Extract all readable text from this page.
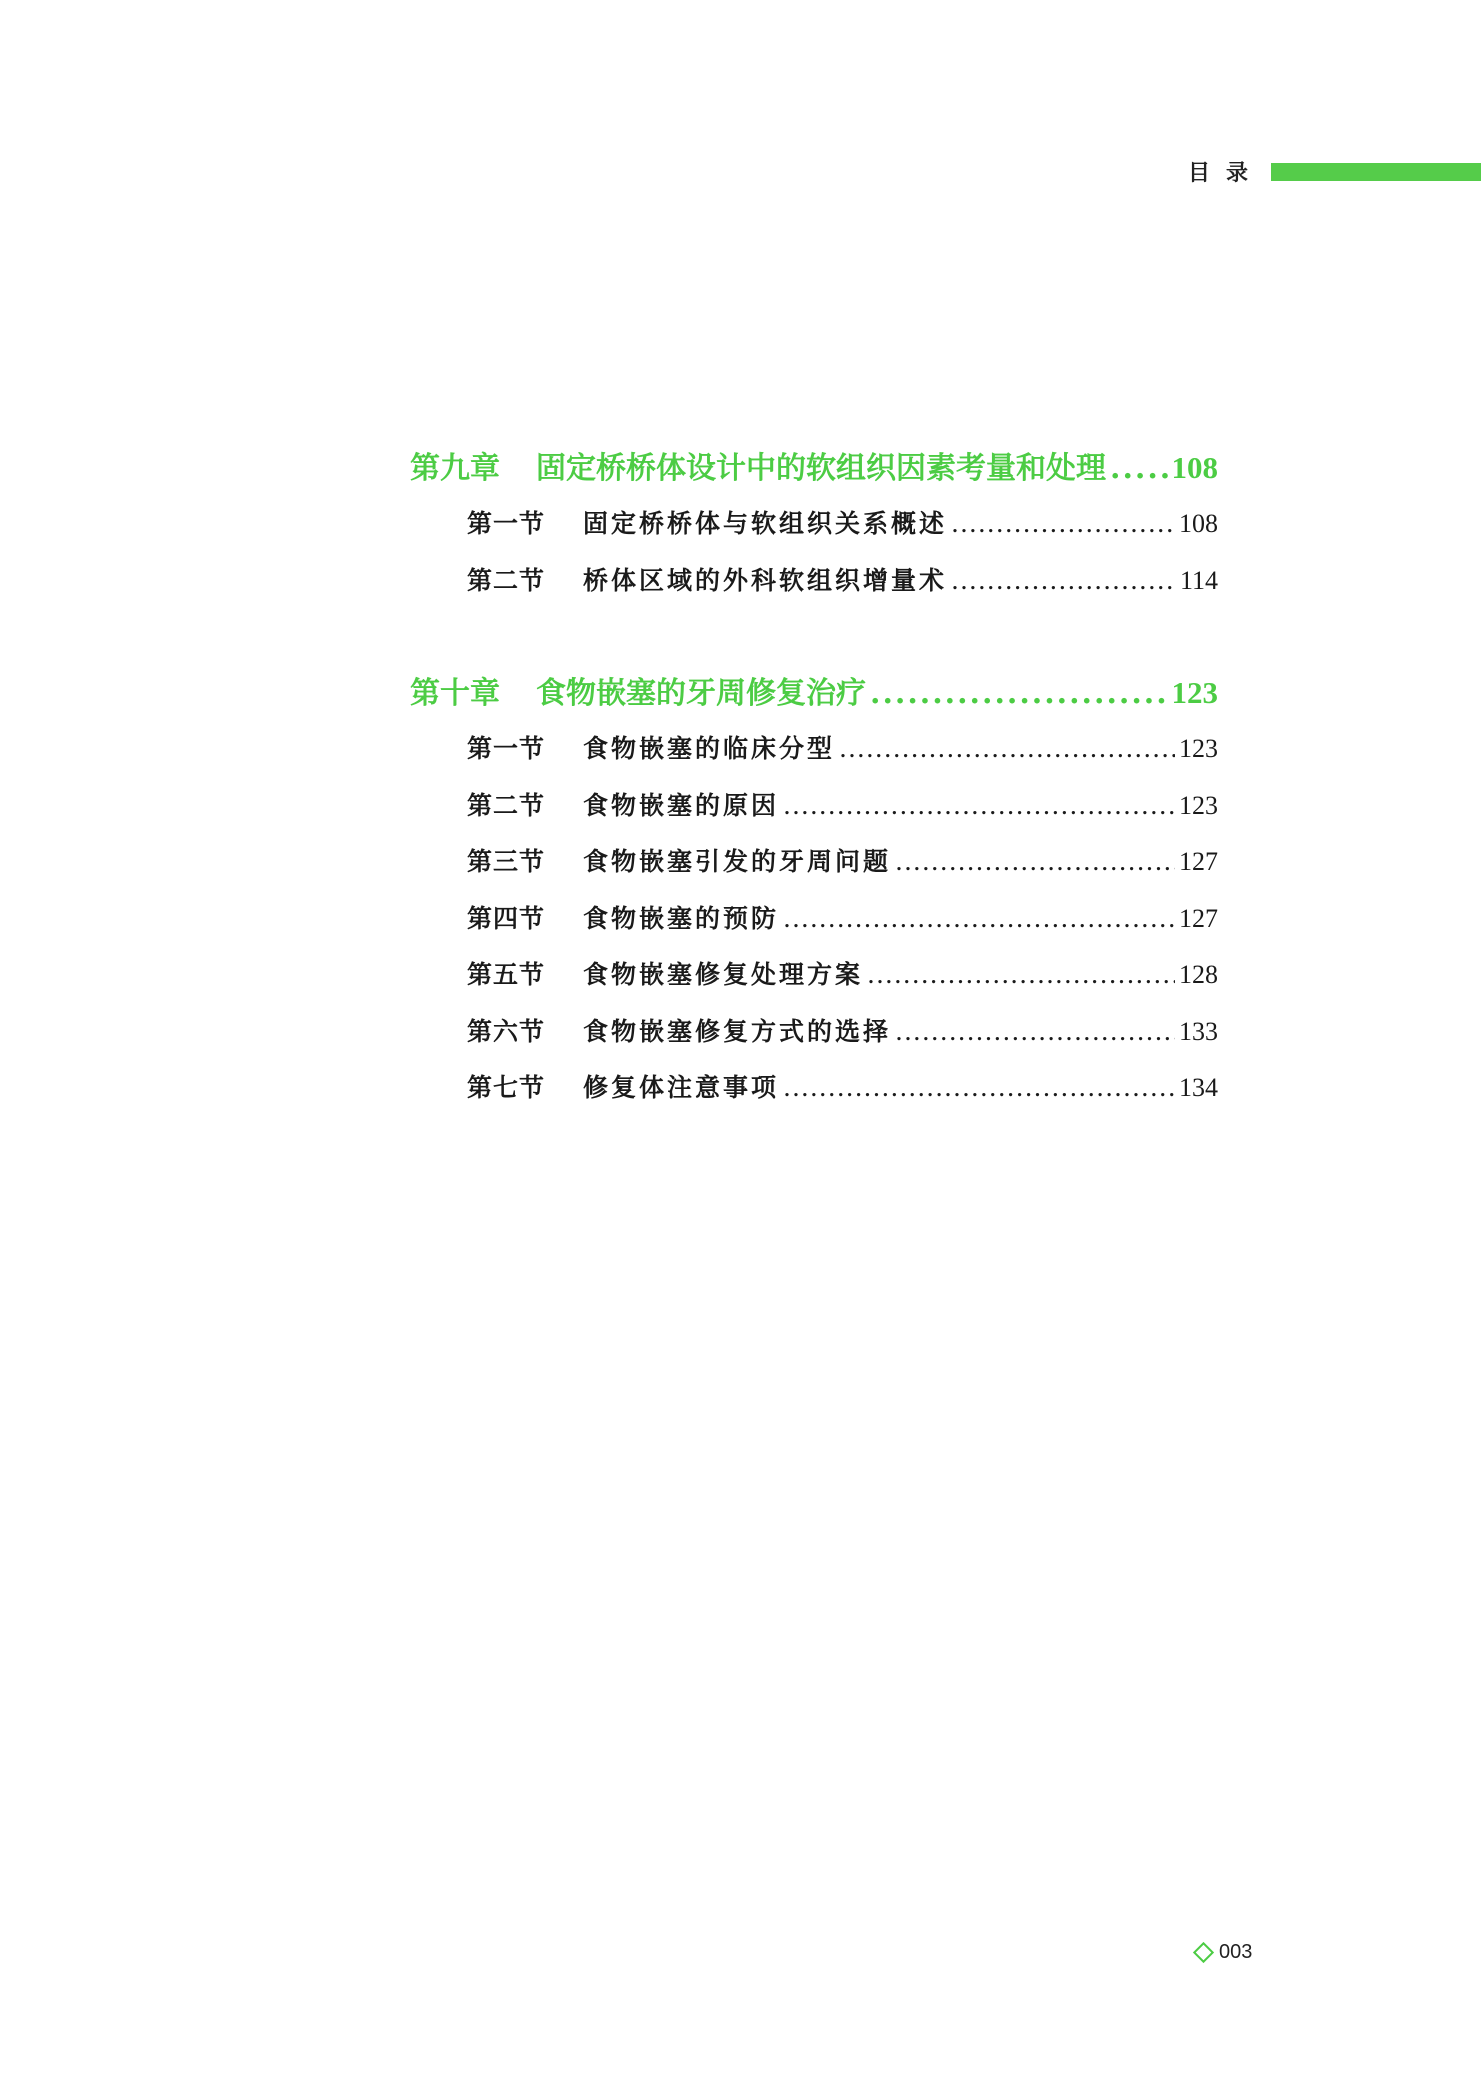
目录
第九章	固定桥桥体设计中的软组织因素考量和处理 ..... 108
第一节	固定桥桥体与软组织关系概述 .....	108
第二节	桥体区域的外科软组织增量术 .....	114
第十章	食物嵌塞的牙周修复治疗 .....	123
第一节	食物嵌塞的临床分型 .....	123
第二节	食物嵌塞的原因 .....	123
第三节	食物嵌塞引发的牙周问题 .....	127
第四节	食物嵌塞的预防 .....	127
第五节	食物嵌塞修复处理方案 .....	128
第六节	食物嵌塞修复方式的选择 .....	133
第七节	修复体注意事项 .....	134
003
